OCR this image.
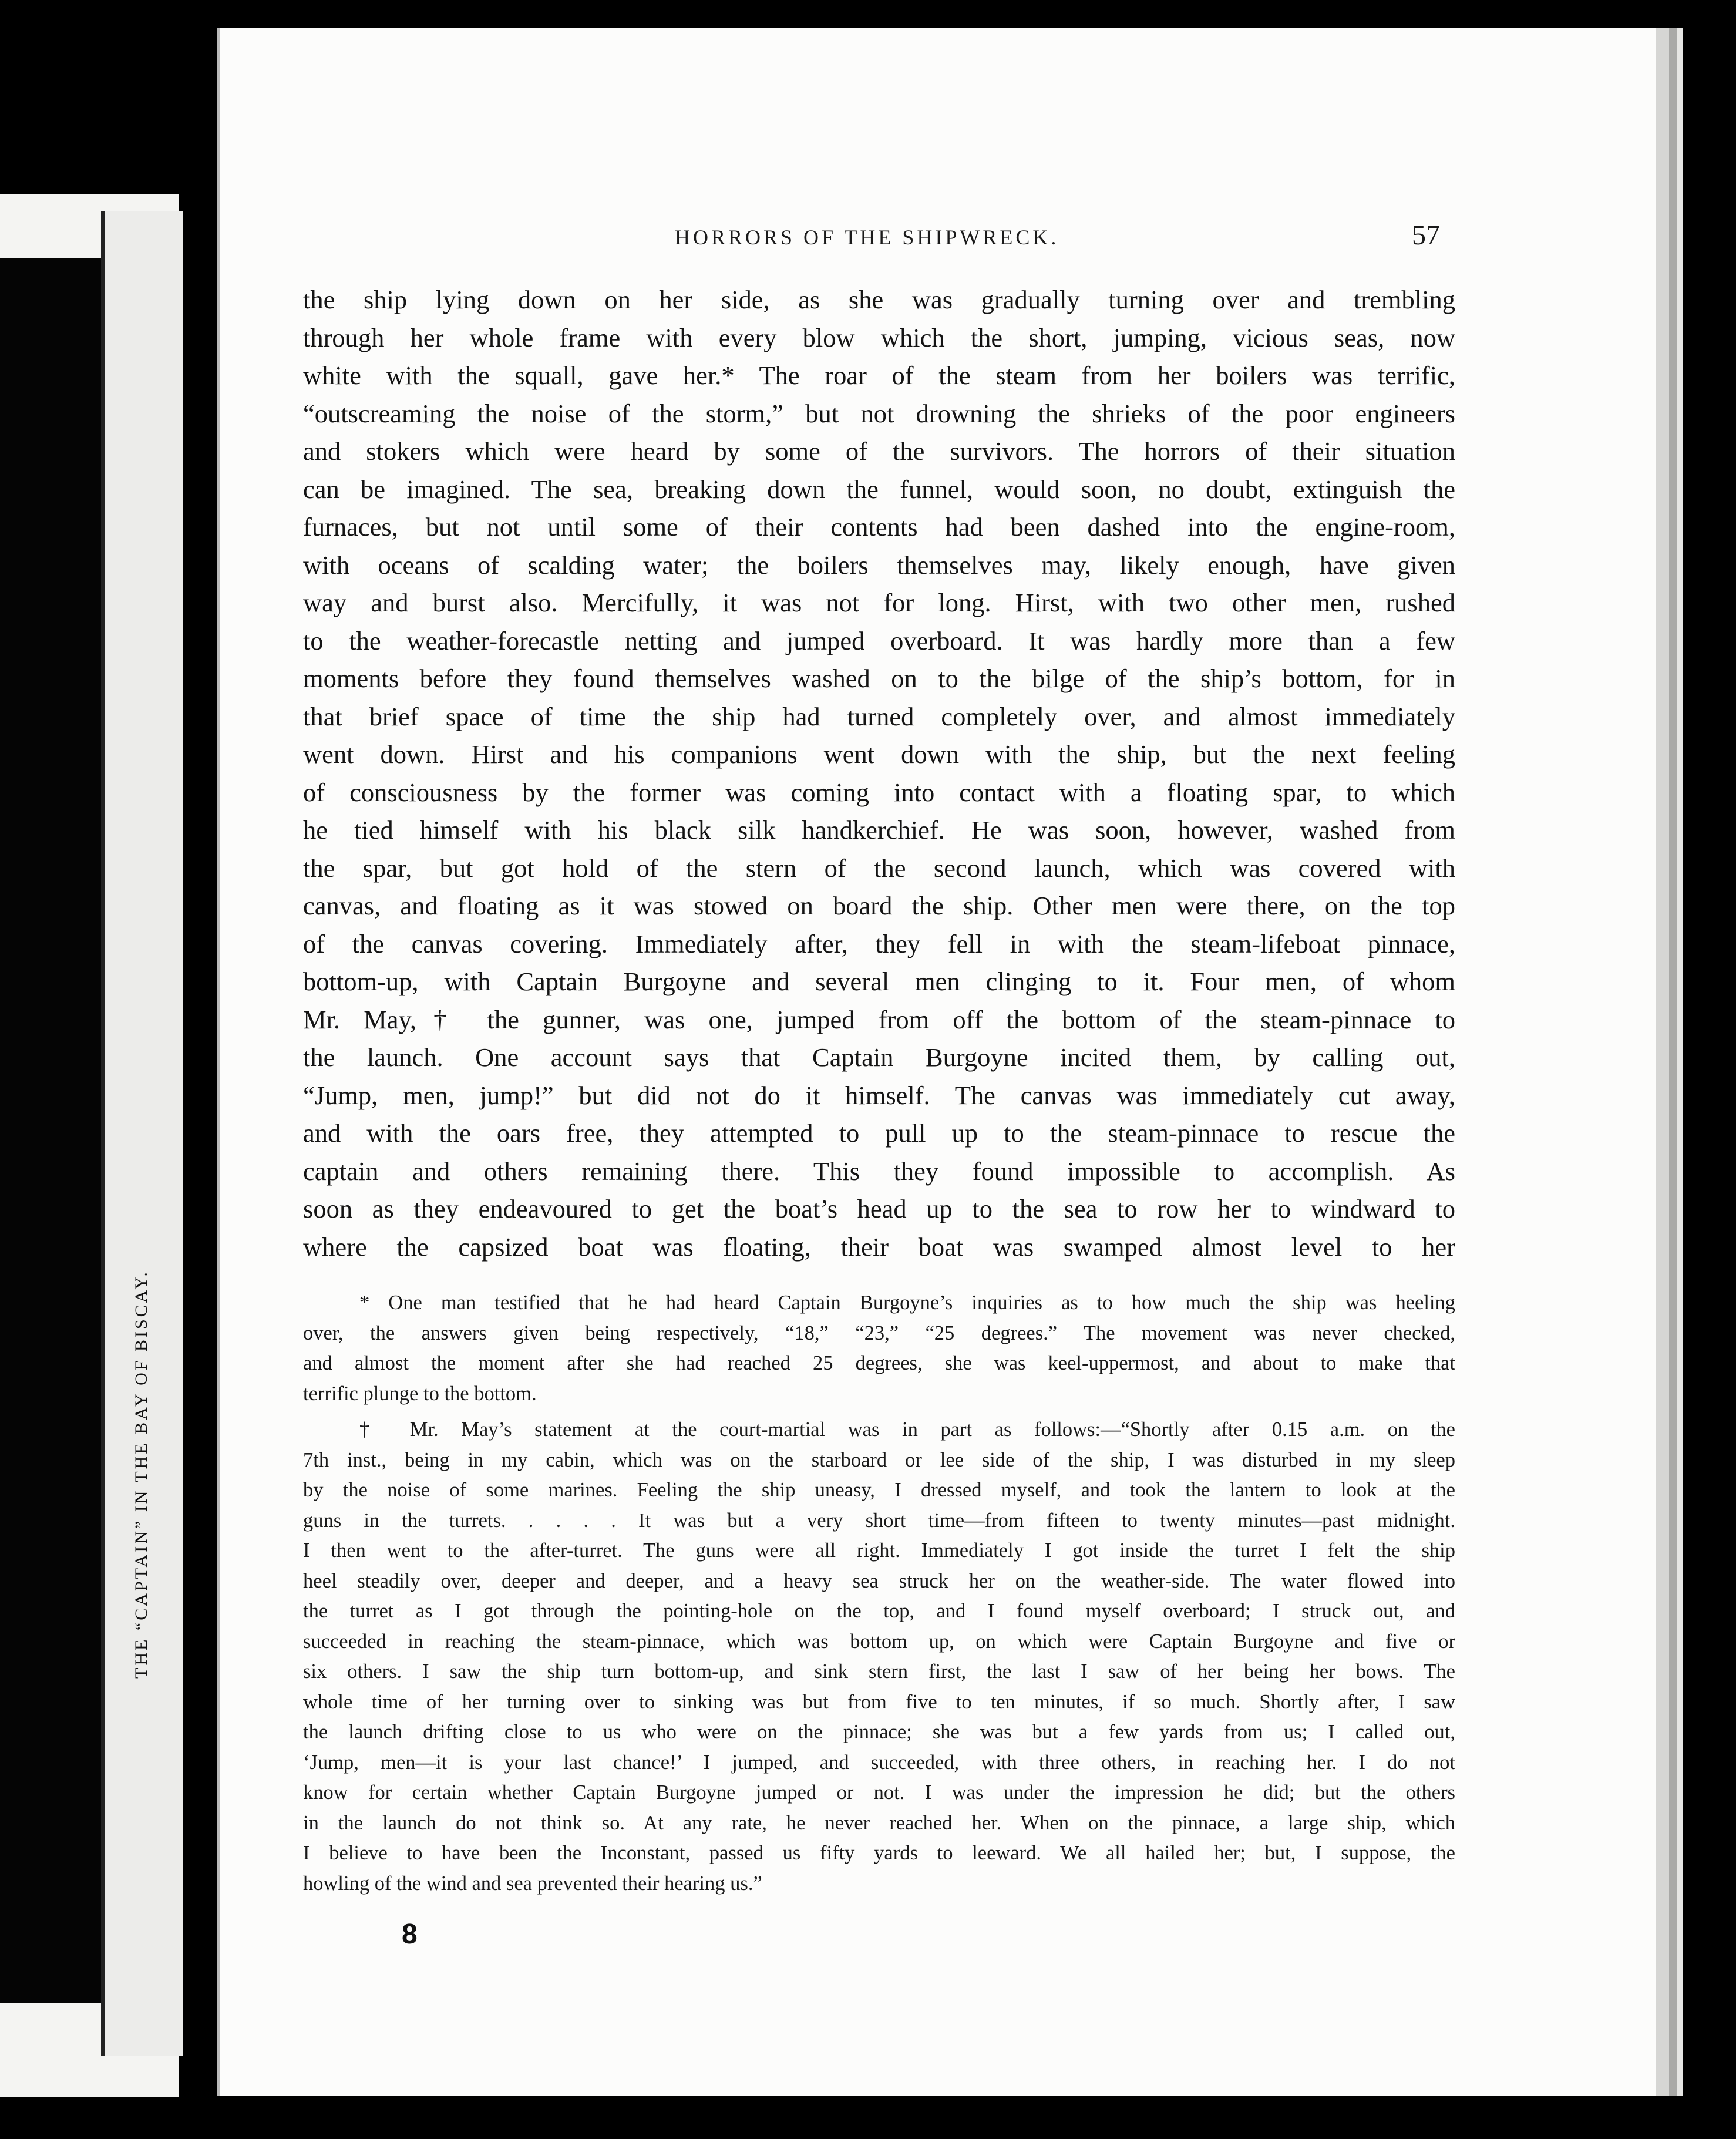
THE “CAPTAIN” IN THE BAY OF BISCAY.
HORRORS OF THE SHIPWRECK.	57
the ship lying down on her side, as she was gradually turning over and trembling
through her whole frame with every blow which the short, jumping, vicious seas, now
white with the squall, gave her.* The roar of the steam from her boilers was terrific,
“outscreaming the noise of the storm,” but not drowning the shrieks of the poor engineers
and stokers which were heard by some of the survivors. The horrors of their situation
can be imagined. The sea, breaking down the funnel, would soon, no doubt, extinguish the
furnaces, but not until some of their contents had been dashed into the engine-room,
with oceans of scalding water; the boilers themselves may, likely enough, have given
way and burst also. Mercifully, it was not for long. Hirst, with two other men, rushed
to the weather-forecastle netting and jumped overboard. It was hardly more than a few
moments before they found themselves washed on to the bilge of the ship’s bottom, for in
that brief space of time the ship had turned completely over, and almost immediately
went down. Hirst and his companions went down with the ship, but the next feeling
of consciousness by the former was coming into contact with a floating spar, to which
he tied himself with his black silk handkerchief. He was soon, however, washed from
the spar, but got hold of the stern of the second launch, which was covered with
canvas, and floating as it was stowed on board the ship. Other men were there, on the top
of the canvas covering. Immediately after, they fell in with the steam-lifeboat pinnace,
bottom-up, with Captain Burgoyne and several men clinging to it. Four men, of whom
Mr. May,† the gunner, was one, jumped from off the bottom of the steam-pinnace to
the launch. One account says that Captain Burgoyne incited them, by calling out,
“Jump, men, jump!” but did not do it himself. The canvas was immediately cut away,
and with the oars free, they attempted to pull up to the steam-pinnace to rescue the
captain and others remaining there. This they found impossible to accomplish. As
soon as they endeavoured to get the boat’s head up to the sea to row her to windward to
where the capsized boat was floating, their boat was swamped almost level to her
* One man testified that he had heard Captain Burgoyne’s inquiries as to how much the ship was heeling
over, the answers given being respectively, “18,” “23,” “25 degrees.” The movement was never checked,
and almost the moment after she had reached 25 degrees, she was keel-uppermost, and about to make that
terrific plunge to the bottom.
† Mr. May’s statement at the court-martial was in part as follows:—“Shortly after 0.15 a.m. on the
7th inst., being in my cabin, which was on the starboard or lee side of the ship, I was disturbed in my sleep
by the noise of some marines. Feeling the ship uneasy, I dressed myself, and took the lantern to look at the
guns in the turrets. . . . . It was but a very short time—from fifteen to twenty minutes—past midnight.
I then went to the after-turret. The guns were all right. Immediately I got inside the turret I felt the ship
heel steadily over, deeper and deeper, and a heavy sea struck her on the weather-side. The water flowed into
the turret as I got through the pointing-hole on the top, and I found myself overboard; I struck out, and
succeeded in reaching the steam-pinnace, which was bottom up, on which were Captain Burgoyne and five or
six others. I saw the ship turn bottom-up, and sink stern first, the last I saw of her being her bows. The
whole time of her turning over to sinking was but from five to ten minutes, if so much. Shortly after, I saw
the launch drifting close to us who were on the pinnace; she was but a few yards from us; I called out,
‘Jump, men—it is your last chance!’ I jumped, and succeeded, with three others, in reaching her. I do not
know for certain whether Captain Burgoyne jumped or not. I was under the impression he did; but the others
in the launch do not think so. At any rate, he never reached her. When on the pinnace, a large ship, which
I believe to have been the Inconstant, passed us fifty yards to leeward. We all hailed her; but, I suppose, the
howling of the wind and sea prevented their hearing us.”
8
